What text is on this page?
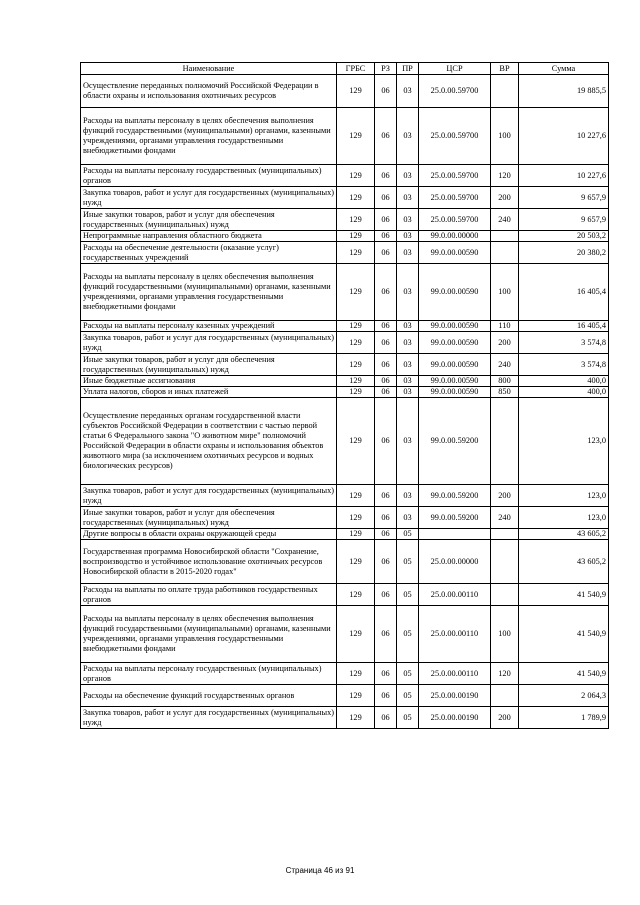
Наименование	ГРБС	РЗ	ПР	ЦСР	ВР	Сумма
Осуществление переданных полномочий Российской Федерации в области охраны и использования охотничьих ресурсов	129	06	03	25.0.00.59700		19 885,5
Расходы на выплаты персоналу в целях обеспечения выполнения функций государственными (муниципальными) органами, казенными учреждениями, органами управления государственными внебюджетными фондами	129	06	03	25.0.00.59700	100	10 227,6
Расходы на выплаты персоналу государственных (муниципальных) органов	129	06	03	25.0.00.59700	120	10 227,6
Закупка товаров, работ и услуг для государственных (муниципальных) нужд	129	06	03	25.0.00.59700	200	9 657,9
Иные закупки товаров, работ и услуг для обеспечения государственных (муниципальных) нужд	129	06	03	25.0.00.59700	240	9 657,9
Непрограммные направления областного бюджета	129	06	03	99.0.00.00000		20 503,2
Расходы на обеспечение деятельности (оказание услуг) государственных учреждений	129	06	03	99.0.00.00590		20 380,2
Расходы на выплаты персоналу в целях обеспечения выполнения функций государственными (муниципальными) органами, казенными учреждениями, органами управления государственными внебюджетными фондами	129	06	03	99.0.00.00590	100	16 405,4
Расходы на выплаты персоналу казенных учреждений	129	06	03	99.0.00.00590	110	16 405,4
Закупка товаров, работ и услуг для государственных (муниципальных) нужд	129	06	03	99.0.00.00590	200	3 574,8
Иные закупки товаров, работ и услуг для обеспечения государственных (муниципальных) нужд	129	06	03	99.0.00.00590	240	3 574,8
Иные бюджетные ассигнования	129	06	03	99.0.00.00590	800	400,0
Уплата налогов, сборов и иных платежей	129	06	03	99.0.00.00590	850	400,0
Осуществление переданных органам государственной власти субъектов Российской Федерации в соответствии с частью первой статьи 6 Федерального закона "О животном мире" полномочий Российской Федерации в области охраны и использования объектов животного мира (за исключением охотничьих ресурсов и водных биологических ресурсов)	129	06	03	99.0.00.59200		123,0
Закупка товаров, работ и услуг для государственных (муниципальных) нужд	129	06	03	99.0.00.59200	200	123,0
Иные закупки товаров, работ и услуг для обеспечения государственных (муниципальных) нужд	129	06	03	99.0.00.59200	240	123,0
Другие вопросы в области охраны окружающей среды	129	06	05			43 605,2
Государственная программа Новосибирской области "Сохранение, воспроизводство и устойчивое использование охотничьих ресурсов Новосибирской области в 2015-2020 годах"	129	06	05	25.0.00.00000		43 605,2
Расходы на выплаты по оплате труда работников государственных органов	129	06	05	25.0.00.00110		41 540,9
Расходы на выплаты персоналу в целях обеспечения выполнения функций государственными (муниципальными) органами, казенными учреждениями, органами управления государственными внебюджетными фондами	129	06	05	25.0.00.00110	100	41 540,9
Расходы на выплаты персоналу государственных (муниципальных) органов	129	06	05	25.0.00.00110	120	41 540,9
Расходы на обеспечение функций государственных органов	129	06	05	25.0.00.00190		2 064,3
Закупка товаров, работ и услуг для государственных (муниципальных) нужд	129	06	05	25.0.00.00190	200	1 789,9
Страница 46 из 91
